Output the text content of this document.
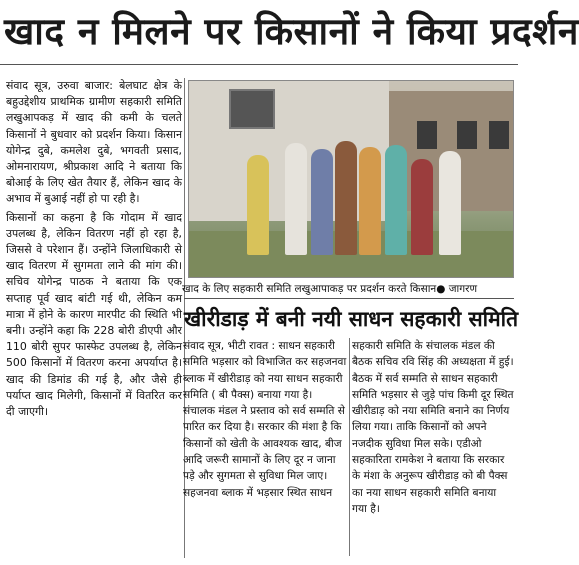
खाद न मिलने पर किसानों ने किया प्रदर्शन

संवाद सूत्र, उरुवा बाजार: बेलघाट क्षेत्र के बहुउद्देशीय प्राथमिक ग्रामीण सहकारी समिति लखुआपकड़ में खाद की कमी के चलते किसानों ने बुधवार को प्रदर्शन किया। किसान योगेन्द्र दुबे, कमलेश दुबे, भगवती प्रसाद, ओमनारायण, श्रीप्रकाश आदि ने बताया कि बोआई के लिए खेत तैयार हैं, लेकिन खाद के अभाव में बुआई नहीं हो पा रही है।

किसानों का कहना है कि गोदाम में खाद उपलब्ध है, लेकिन वितरण नहीं हो रहा है, जिससे वे परेशान हैं। उन्होंने जिलाधिकारी से खाद वितरण में सुगमता लाने की मांग की। सचिव योगेन्द्र पाठक ने बताया कि एक सप्ताह पूर्व खाद बांटी गई थी, लेकिन कम मात्रा में होने के कारण मारपीट की स्थिति भी बनी। उन्होंने कहा कि 228 बोरी डीएपी और 110 बोरी सुपर फास्फेट उपलब्ध है, लेकिन 500 किसानों में वितरण करना अपर्याप्त है। खाद की डिमांड की गई है, और जैसे ही पर्याप्त खाद मिलेगी, किसानों में वितरित कर दी जाएगी।

खाद के लिए सहकारी समिति लखुआपाकड़ पर प्रदर्शन करते किसान● जागरण
खीरीडाड़ में बनी नयी साधन सहकारी समिति

संवाद सूत्र, भीटी रावत : साधन सहकारी समिति भड़सार को विभाजित कर सहजनवा ब्लाक में खीरीडाड़ को नया साधन सहकारी समिति ( बी पैक्स) बनाया गया है। संचालक मंडल ने प्रस्ताव को सर्व सम्मति से पारित कर दिया है। सरकार की मंशा है कि किसानों को खेती के आवश्यक खाद, बीज आदि जरूरी सामानों के लिए दूर न जाना पड़े और सुगमता से सुविधा मिल जाए। सहजनवा ब्लाक में भड़सार स्थित साधन

सहकारी समिति के संचालक मंडल की बैठक सचिव रवि सिंह की अध्यक्षता में हुई। बैठक में सर्व सम्मति से साधन सहकारी समिति भड़सार से जुड़े पांच किमी दूर स्थित खीरीडाड़ को नया समिति बनाने का निर्णय लिया गया। ताकि किसानों को अपने नजदीक सुविधा मिल सके। एडीओ सहकारिता रामकेश ने बताया कि सरकार के मंशा के अनुरूप खीरीडाड़ को बी पैक्स का नया साधन सहकारी समिति बनाया गया है।
